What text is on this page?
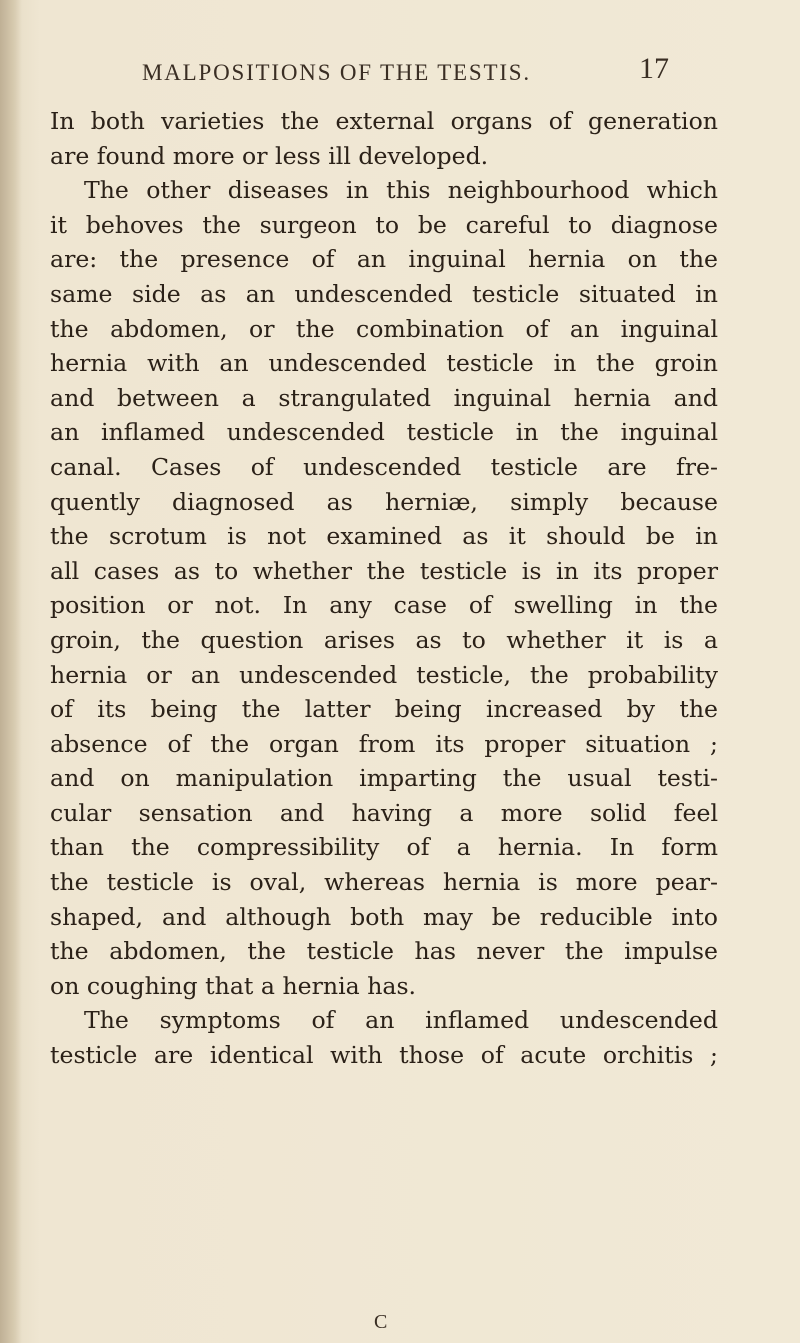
MALPOSITIONS OF THE TESTIS.	17
In both varieties the external organs of generation
are found more or less ill developed.
The other diseases in this neighbourhood which
it behoves the surgeon to be careful to diagnose
are: the presence of an inguinal hernia on the
same side as an undescended testicle situated in
the abdomen, or the combination of an inguinal
hernia with an undescended testicle in the groin
and between a strangulated inguinal hernia and
an inflamed undescended testicle in the inguinal
canal. Cases of undescended testicle are fre-
quently diagnosed as herniæ, simply because
the scrotum is not examined as it should be in
all cases as to whether the testicle is in its proper
position or not. In any case of swelling in the
groin, the question arises as to whether it is a
hernia or an undescended testicle, the probability
of its being the latter being increased by the
absence of the organ from its proper situation ;
and on manipulation imparting the usual testi-
cular sensation and having a more solid feel
than the compressibility of a hernia. In form
the testicle is oval, whereas hernia is more pear-
shaped, and although both may be reducible into
the abdomen, the testicle has never the impulse
on coughing that a hernia has.
The symptoms of an inflamed undescended
testicle are identical with those of acute orchitis ;
C
